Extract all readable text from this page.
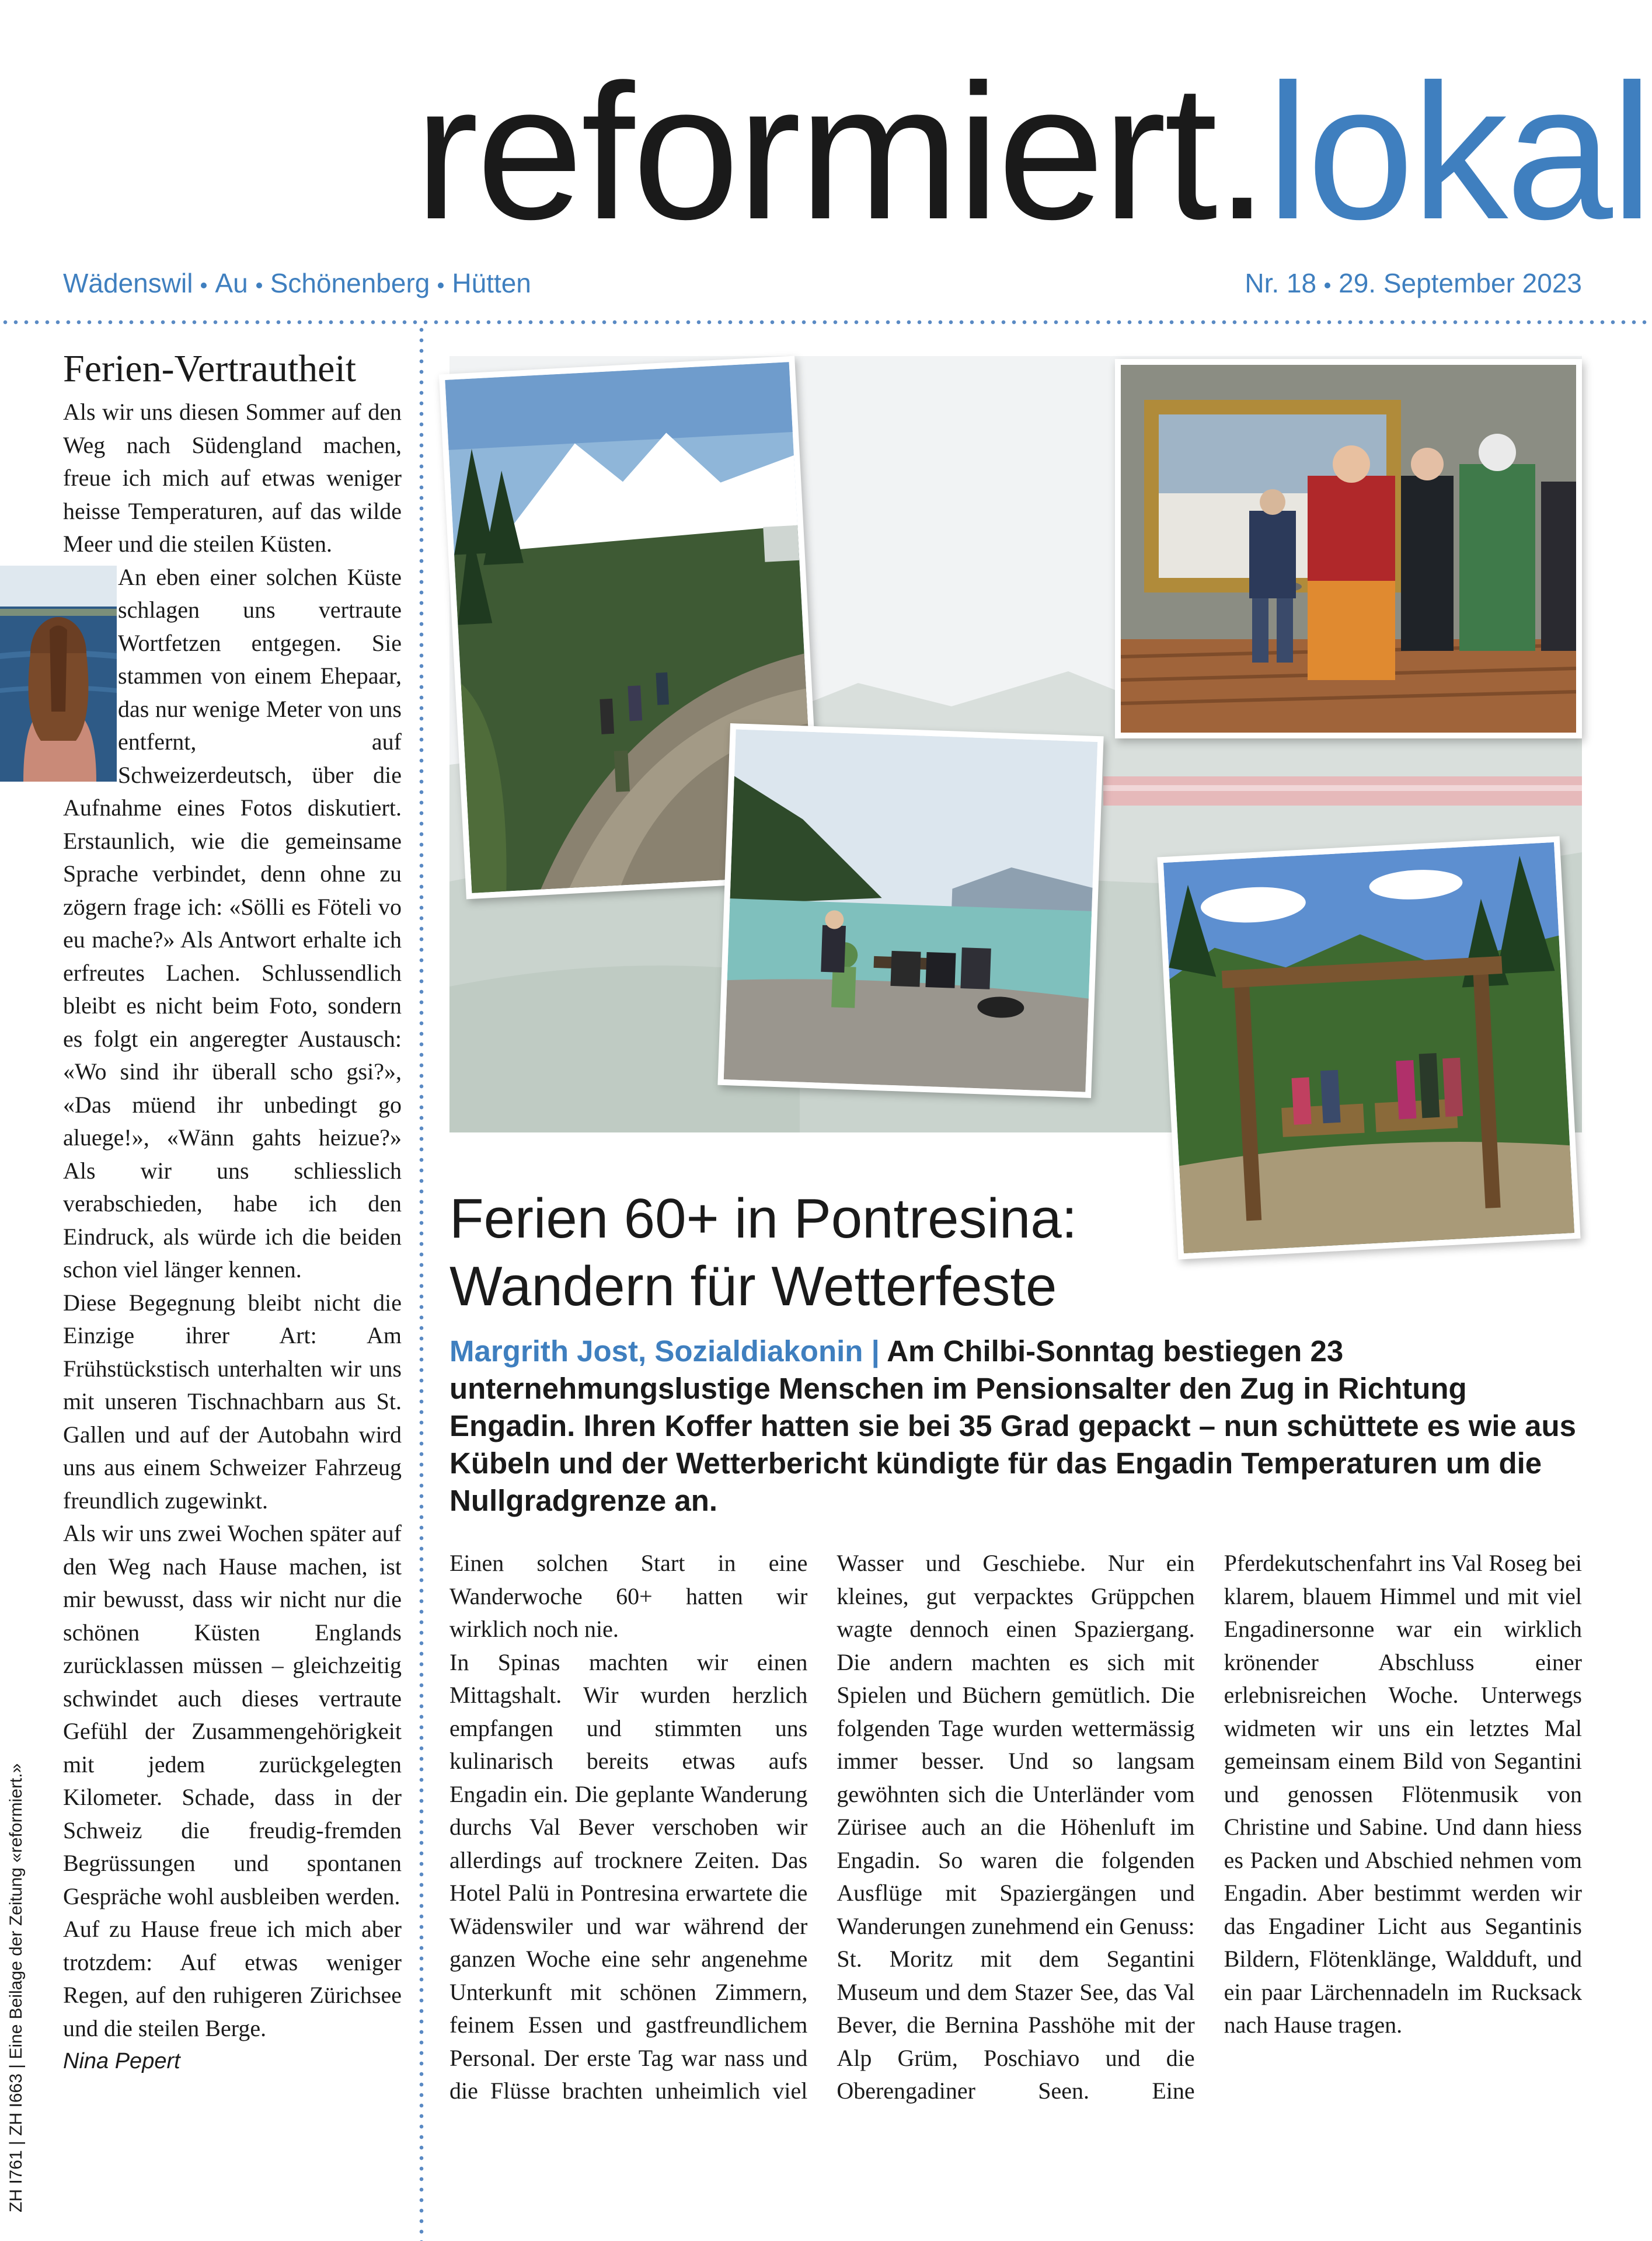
reformiert.lokal
Wädenswil Au Schönenberg Hütten	Nr. 18 29. September 2023
Ferien-Vertrautheit

Als wir uns diesen Sommer auf den Weg nach Südengland machen, freue ich mich auf etwas weniger heisse Temperaturen, auf das wilde Meer und die steilen Küsten.

An eben einer solchen Küste schlagen uns vertraute Wortfetzen entgegen. Sie stammen von einem Ehepaar, das nur wenige Meter von uns entfernt, auf Schweizerdeutsch, über die Aufnahme eines Fotos diskutiert. Erstaunlich, wie die gemeinsame Sprache verbindet, denn ohne zu zögern frage ich: «Sölli es Föteli vo eu mache?» Als Antwort erhalte ich erfreutes Lachen. Schlussendlich bleibt es nicht beim Foto, sondern es folgt ein angeregter Austausch: «Wo sind ihr überall scho gsi?», «Das müend ihr unbedingt go aluege!», «Wänn gahts heizue?» Als wir uns schliesslich verabschieden, habe ich den Eindruck, als würde ich die beiden schon viel länger kennen.

Diese Begegnung bleibt nicht die Einzige ihrer Art: Am Frühstückstisch unterhalten wir uns mit unseren Tischnachbarn aus St. Gallen und auf der Autobahn wird uns aus einem Schweizer Fahrzeug freundlich zugewinkt.

Als wir uns zwei Wochen später auf den Weg nach Hause machen, ist mir bewusst, dass wir nicht nur die schönen Küsten Englands zurücklassen müssen – gleichzeitig schwindet auch dieses vertraute Gefühl der Zusammengehörigkeit mit jedem zurückgelegten Kilometer. Schade, dass in der Schweiz die freudig-fremden Begrüssungen und spontanen Gespräche wohl ausbleiben werden.

Auf zu Hause freue ich mich aber trotzdem: Auf etwas weniger Regen, auf den ruhigeren Zürichsee und die steilen Berge.

Nina Pepert
ZH I761 | ZH I663 | Eine Beilage der Zeitung «reformiert.»
Ferien 60+ in Pontresina:
Wandern für Wetterfeste
Margrith Jost, Sozialdiakonin | Am Chilbi-Sonntag bestiegen 23 unternehmungslustige Menschen im Pensionsalter den Zug in Richtung Engadin. Ihren Koffer hatten sie bei 35 Grad gepackt – nun schüttete es wie aus Kübeln und der Wetterbericht kündigte für das Engadin Temperaturen um die Nullgradgrenze an.

Einen solchen Start in eine Wanderwoche 60+ hatten wir wirklich noch nie.

In Spinas machten wir einen Mittagshalt. Wir wurden herzlich empfangen und stimmten uns kulinarisch bereits etwas aufs Engadin ein. Die geplante Wanderung durchs Val Bever verschoben wir allerdings auf trocknere Zeiten. Das Hotel Palü in Pontresina erwartete die Wädenswiler und war während der ganzen Woche eine sehr angenehme Unterkunft mit schönen Zimmern, feinem Essen und gastfreundlichem Personal. Der erste Tag war nass und die Flüsse brachten unheimlich viel Wasser und Geschiebe. Nur ein kleines, gut verpacktes Grüppchen wagte dennoch einen Spaziergang. Die andern machten es sich mit Spielen und Büchern gemütlich. Die folgenden Tage wurden wettermässig immer besser. Und so langsam gewöhnten sich die Unterländer vom Zürisee auch an die Höhenluft im Engadin. So waren die folgenden Ausflüge mit Spaziergängen und Wanderungen zunehmend ein Genuss: St. Moritz mit dem Segantini Museum und dem Stazer See, das Val Bever, die Bernina Passhöhe mit der Alp Grüm, Poschiavo und die Oberengadiner Seen. Eine Pferdekutschenfahrt ins Val Roseg bei klarem, blauem Himmel und mit viel Engadinersonne war ein wirklich krönender Abschluss einer erlebnisreichen Woche. Unterwegs widmeten wir uns ein letztes Mal gemeinsam einem Bild von Segantini und genossen Flötenmusik von Christine und Sabine. Und dann hiess es Packen und Abschied nehmen vom Engadin. Aber bestimmt werden wir das Engadiner Licht aus Segantinis Bildern, Flötenklänge, Waldduft, und ein paar Lärchennadeln im Rucksack nach Hause tragen.
